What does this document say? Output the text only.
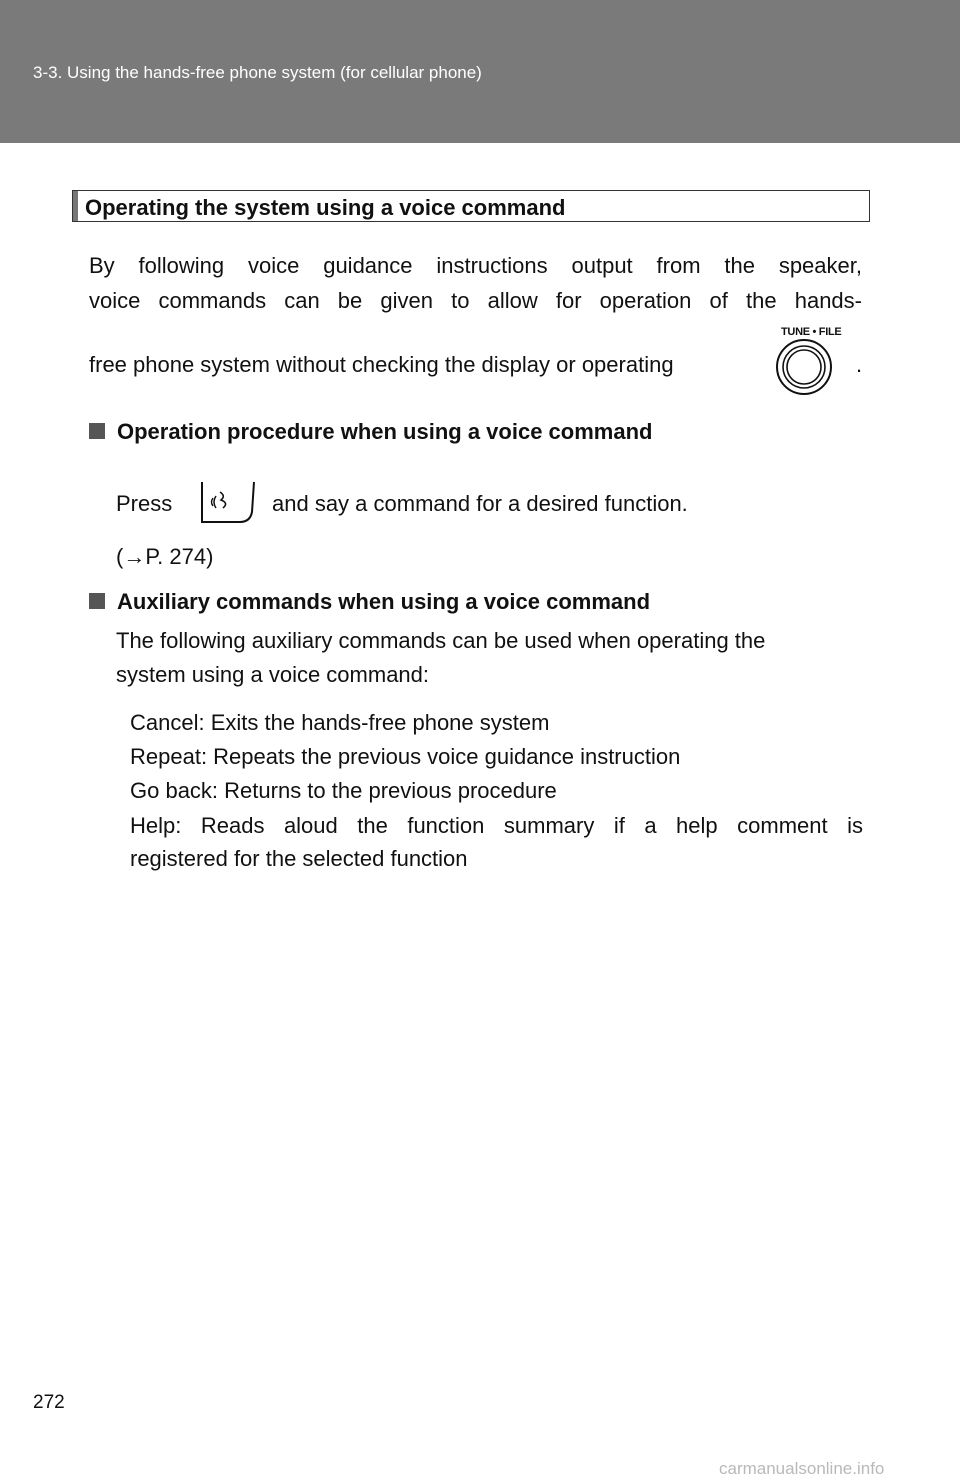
3-3. Using the hands-free phone system (for cellular phone)
Operating the system using a voice command
By following voice guidance instructions output from the speaker,
voice commands can be given to allow for operation of the hands-
free phone system without checking the display or operating	.
TUNE • FILE
Operation procedure when using a voice command
Press	and say a command for a desired function.
(→P. 274)
Auxiliary commands when using a voice command
The following auxiliary commands can be used when operating the
system using a voice command:
Cancel: Exits the hands-free phone system
Repeat: Repeats the previous voice guidance instruction
Go back: Returns to the previous procedure
Help: Reads aloud the function summary if a help comment is
registered for the selected function
272
carmanualsonline.info
